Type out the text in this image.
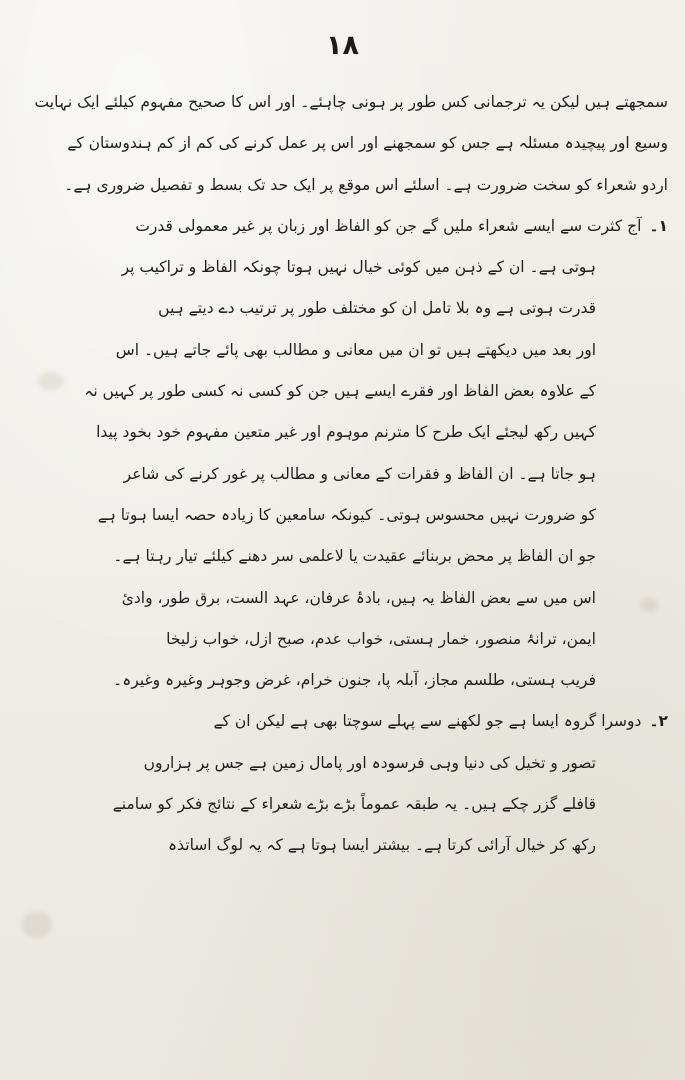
۱۸
سمجھتے ہیں لیکن یہ ترجمانی کس طور پر ہونی چاہئے۔ اور اس کا صحیح مفہوم کیلئے ایک نہایت
وسیع اور پیچیدہ مسئلہ ہے جس کو سمجھنے اور اس پر عمل کرنے کی کم از کم ہندوستان کے
اردو شعراء کو سخت ضرورت ہے۔ اسلئے اس موقع پر ایک حد تک بسط و تفصیل ضروری ہے۔
۱۔آج کثرت سے ایسے شعراء ملیں گے جن کو الفاظ اور زبان پر غیر معمولی قدرت
ہوتی ہے۔ ان کے ذہن میں کوئی خیال نہیں ہوتا چونکہ الفاظ و تراکیب پر
قدرت ہوتی ہے وہ بلا تامل ان کو مختلف طور پر ترتیب دے دیتے ہیں
اور بعد میں دیکھتے ہیں تو ان میں معانی و مطالب بھی پائے جاتے ہیں۔ اس
کے علاوہ بعض الفاظ اور فقرے ایسے ہیں جن کو کسی نہ کسی طور پر کہیں نہ
کہیں رکھ لیجئے ایک طرح کا مترنم موہوم اور غیر متعین مفہوم خود بخود پیدا
ہو جاتا ہے۔ ان الفاظ و فقرات کے معانی و مطالب پر غور کرنے کی شاعر
کو ضرورت نہیں محسوس ہوتی۔ کیونکہ سامعین کا زیادہ حصہ ایسا ہوتا ہے
جو ان الفاظ پر محض بربنائے عقیدت یا لاعلمی سر دھنے کیلئے تیار رہتا ہے۔
اس میں سے بعض الفاظ یہ ہیں، بادۂ عرفان، عہد الست، برق طور، وادیٔ
ایمن، ترانۂ منصور، خمار ہستی، خواب عدم، صبح ازل، خواب زلیخا
فریب ہستی، طلسم مجاز، آبلہ پا، جنون خرام، غرض وجوہر وغیرہ وغیرہ۔
۲۔دوسرا گروہ ایسا ہے جو لکھنے سے پہلے سوچتا بھی ہے لیکن ان کے
تصور و تخیل کی دنیا وہی فرسودہ اور پامال زمین ہے جس پر ہزاروں
قافلے گزر چکے ہیں۔ یہ طبقہ عموماً بڑے بڑے شعراء کے نتائج فکر کو سامنے
رکھ کر خیال آرائی کرتا ہے۔ بیشتر ایسا ہوتا ہے کہ یہ لوگ اساتذہ
